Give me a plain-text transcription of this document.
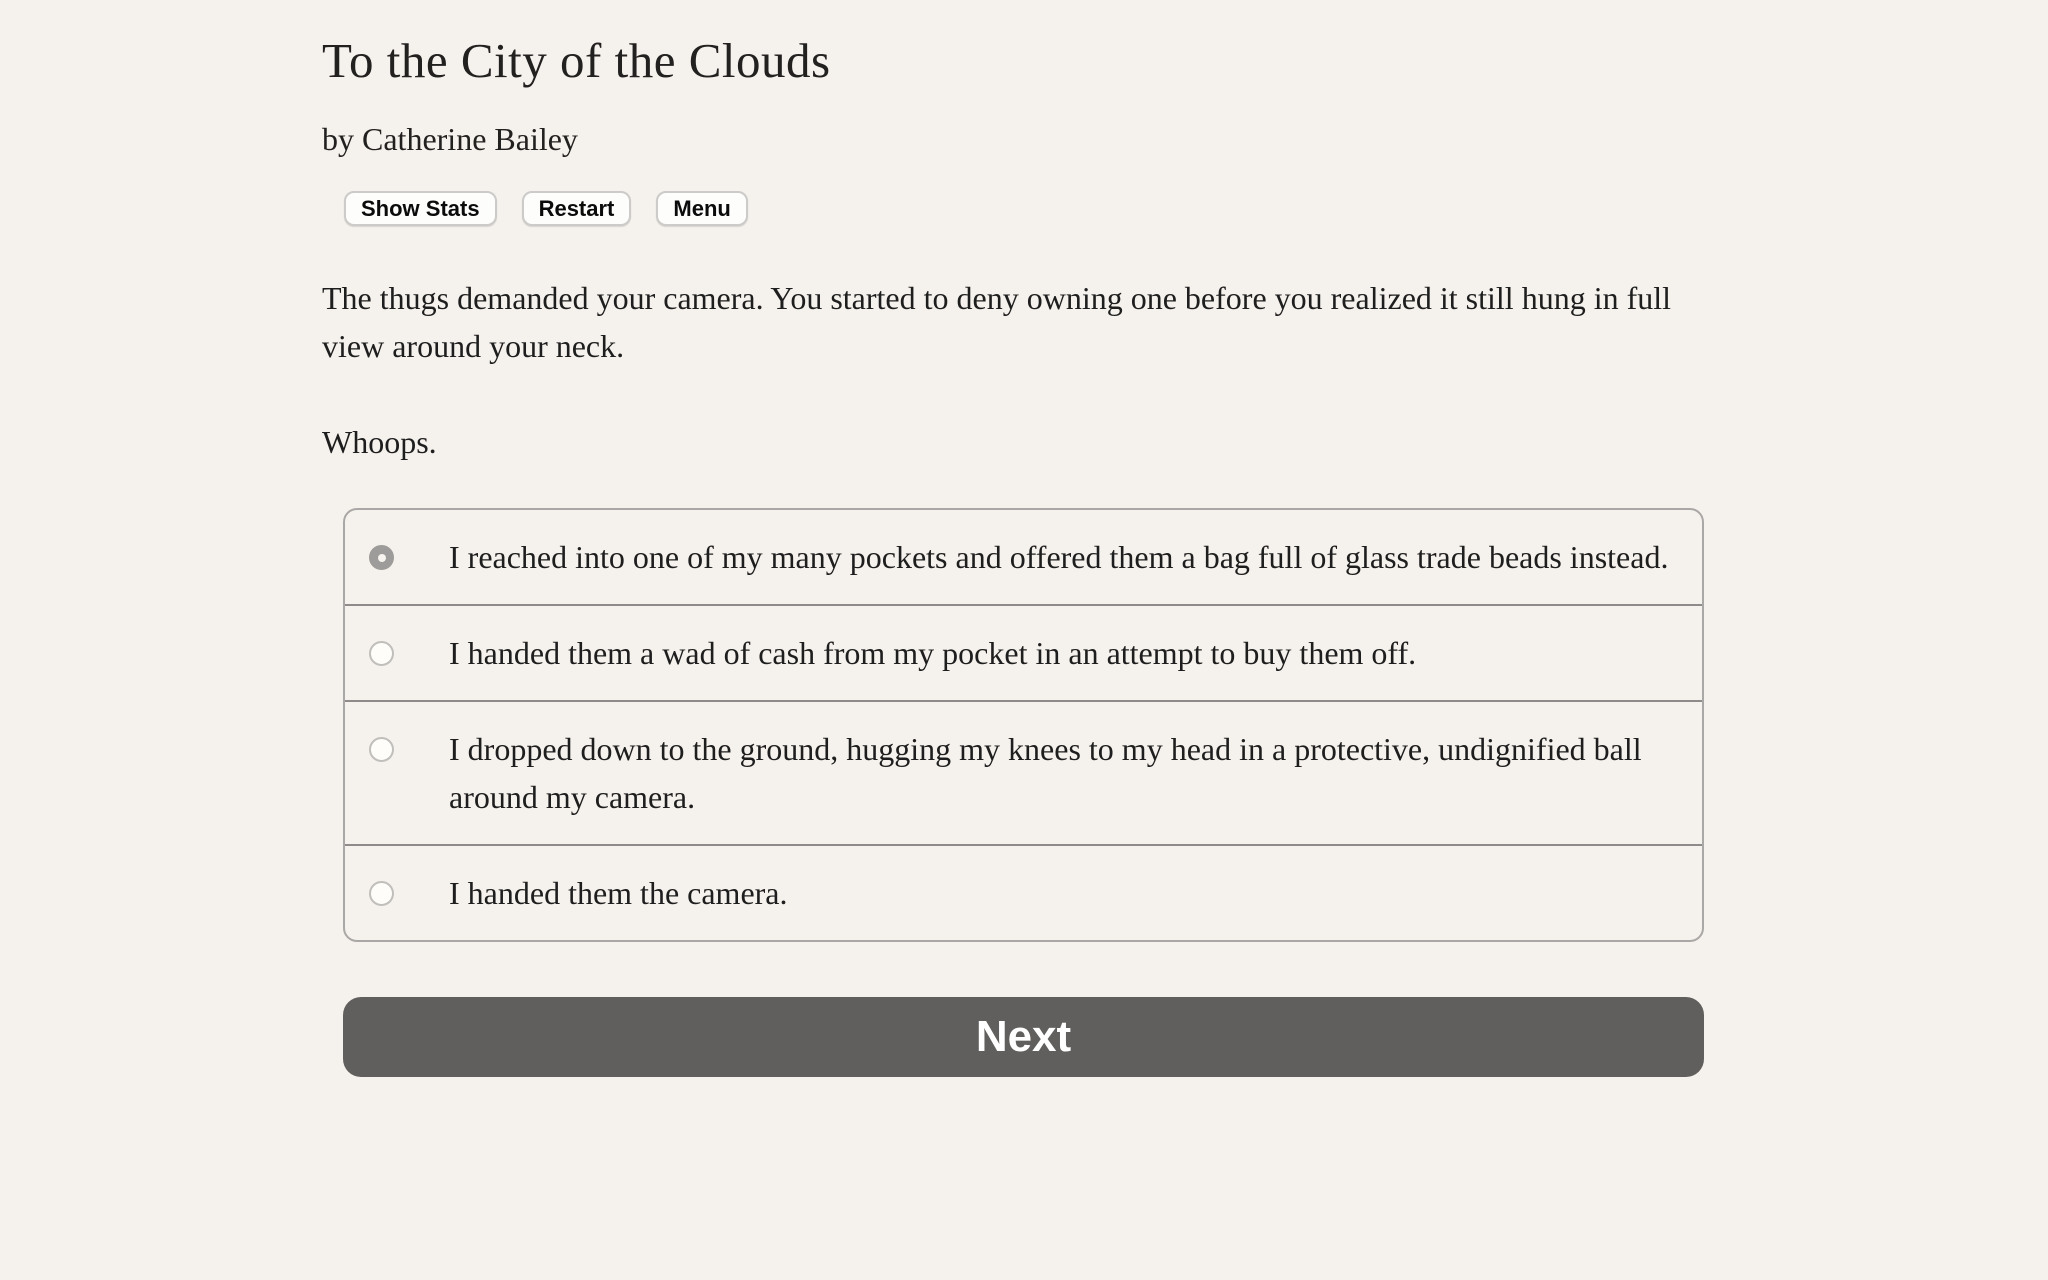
To the City of the Clouds
by Catherine Bailey
Show Stats	Restart	Menu

The thugs demanded your camera. You started to deny owning one before you realized it still hung in full view around your neck.

Whoops.

I reached into one of my many pockets and offered them a bag full of glass trade beads instead.
I handed them a wad of cash from my pocket in an attempt to buy them off.
I dropped down to the ground, hugging my knees to my head in a protective, undignified ball around my camera.
I handed them the camera.
Next
